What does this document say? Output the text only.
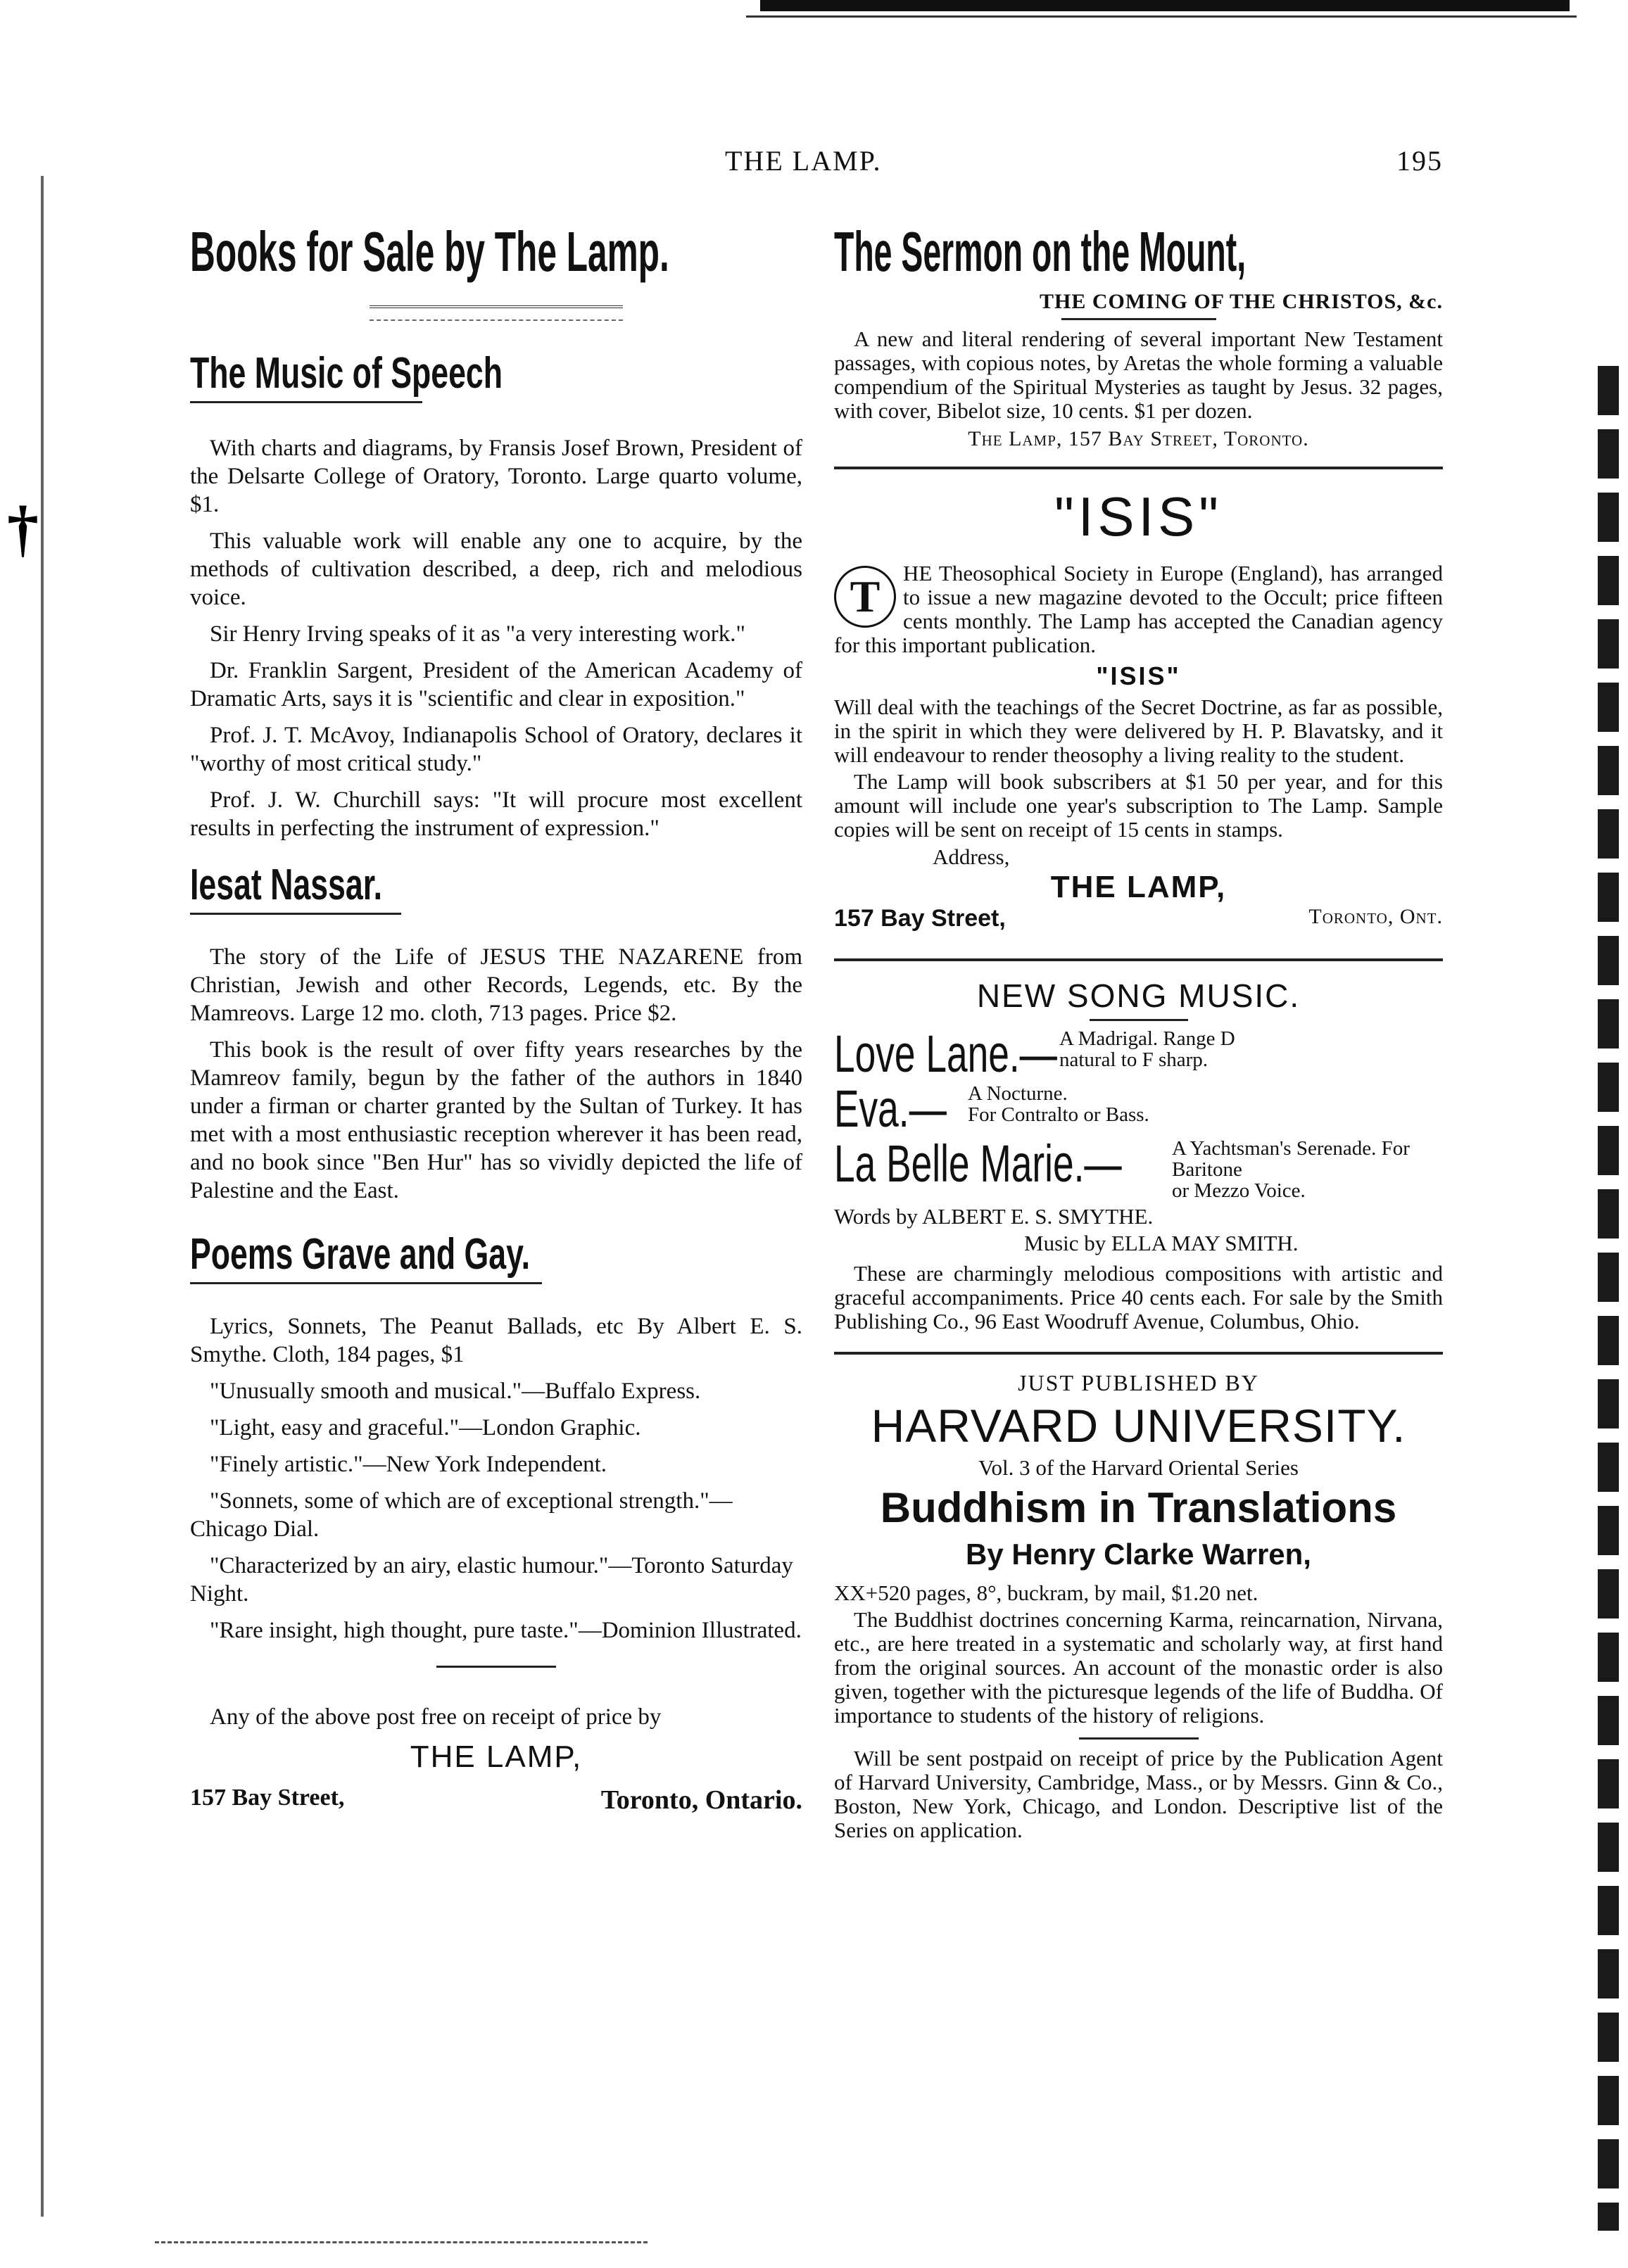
†
THE LAMP.	195
Books for Sale by The Lamp.
The Music of Speech

With charts and diagrams, by Fransis Josef Brown, President of the Delsarte College of Oratory, Toronto. Large quarto volume, $1.

This valuable work will enable any one to acquire, by the methods of cultivation described, a deep, rich and melodious voice.

Sir Henry Irving speaks of it as "a very interesting work."

Dr. Franklin Sargent, President of the American Academy of Dramatic Arts, says it is "scientific and clear in exposition."

Prof. J. T. McAvoy, Indianapolis School of Oratory, declares it "worthy of most critical study."

Prof. J. W. Churchill says: "It will procure most excellent results in perfecting the instrument of expression."

Iesat Nassar.

The story of the Life of JESUS THE NAZARENE from Christian, Jewish and other Records, Legends, etc. By the Mamreovs. Large 12 mo. cloth, 713 pages. Price $2.

This book is the result of over fifty years researches by the Mamreov family, begun by the father of the authors in 1840 under a firman or charter granted by the Sultan of Turkey. It has met with a most enthusiastic reception wherever it has been read, and no book since "Ben Hur" has so vividly depicted the life of Palestine and the East.

Poems Grave and Gay.

Lyrics, Sonnets, The Peanut Ballads, etc By Albert E. S. Smythe. Cloth, 184 pages, $1

"Unusually smooth and musical."—Buffalo Express.

"Light, easy and graceful."—London Graphic.

"Finely artistic."—New York Independent.

"Sonnets, some of which are of exceptional strength."—Chicago Dial.

"Characterized by an airy, elastic humour."—Toronto Saturday Night.

"Rare insight, high thought, pure taste."—Dominion Illustrated.

Any of the above post free on receipt of price by

THE LAMP,
157 Bay Street,	Toronto, Ontario.
The Sermon on the Mount,
THE COMING OF THE CHRISTOS, &c.

A new and literal rendering of several important New Testament passages, with copious notes, by Aretas the whole forming a valuable compendium of the Spiritual Mysteries as taught by Jesus. 32 pages, with cover, Bibelot size, 10 cents. $1 per dozen.

The Lamp, 157 Bay Street, Toronto.
"ISIS"
T	HE Theosophical Society in Europe (England), has arranged to issue a new magazine devoted to the Occult; price fifteen cents monthly. The Lamp has accepted the Canadian agency for this important publication.

"ISIS"

Will deal with the teachings of the Secret Doctrine, as far as possible, in the spirit in which they were delivered by H. P. Blavatsky, and it will endeavour to render theosophy a living reality to the student.

The Lamp will book subscribers at $1 50 per year, and for this amount will include one year's subscription to The Lamp. Sample copies will be sent on receipt of 15 cents in stamps.

Address,
THE LAMP,
157 Bay Street,	Toronto, Ont.
NEW SONG MUSIC.
Love Lane.— A Madrigal. Range D
natural to F sharp.
Eva.— A Nocturne.
For Contralto or Bass.
La Belle Marie.— A Yachtsman's Serenade. For Baritone
or Mezzo Voice.
Words by ALBERT E. S. SMYTHE.
Music by ELLA MAY SMITH.

These are charmingly melodious compositions with artistic and graceful accompaniments. Price 40 cents each. For sale by the Smith Publishing Co., 96 East Woodruff Avenue, Columbus, Ohio.

JUST PUBLISHED BY
HARVARD UNIVERSITY.
Vol. 3 of the Harvard Oriental Series
Buddhism in Translations
By Henry Clarke Warren,

XX+520 pages, 8°, buckram, by mail, $1.20 net.

The Buddhist doctrines concerning Karma, reincarnation, Nirvana, etc., are here treated in a systematic and scholarly way, at first hand from the original sources. An account of the monastic order is also given, together with the picturesque legends of the life of Buddha. Of importance to students of the history of religions.

Will be sent postpaid on receipt of price by the Publication Agent of Harvard University, Cambridge, Mass., or by Messrs. Ginn & Co., Boston, New York, Chicago, and London. Descriptive list of the Series on application.
